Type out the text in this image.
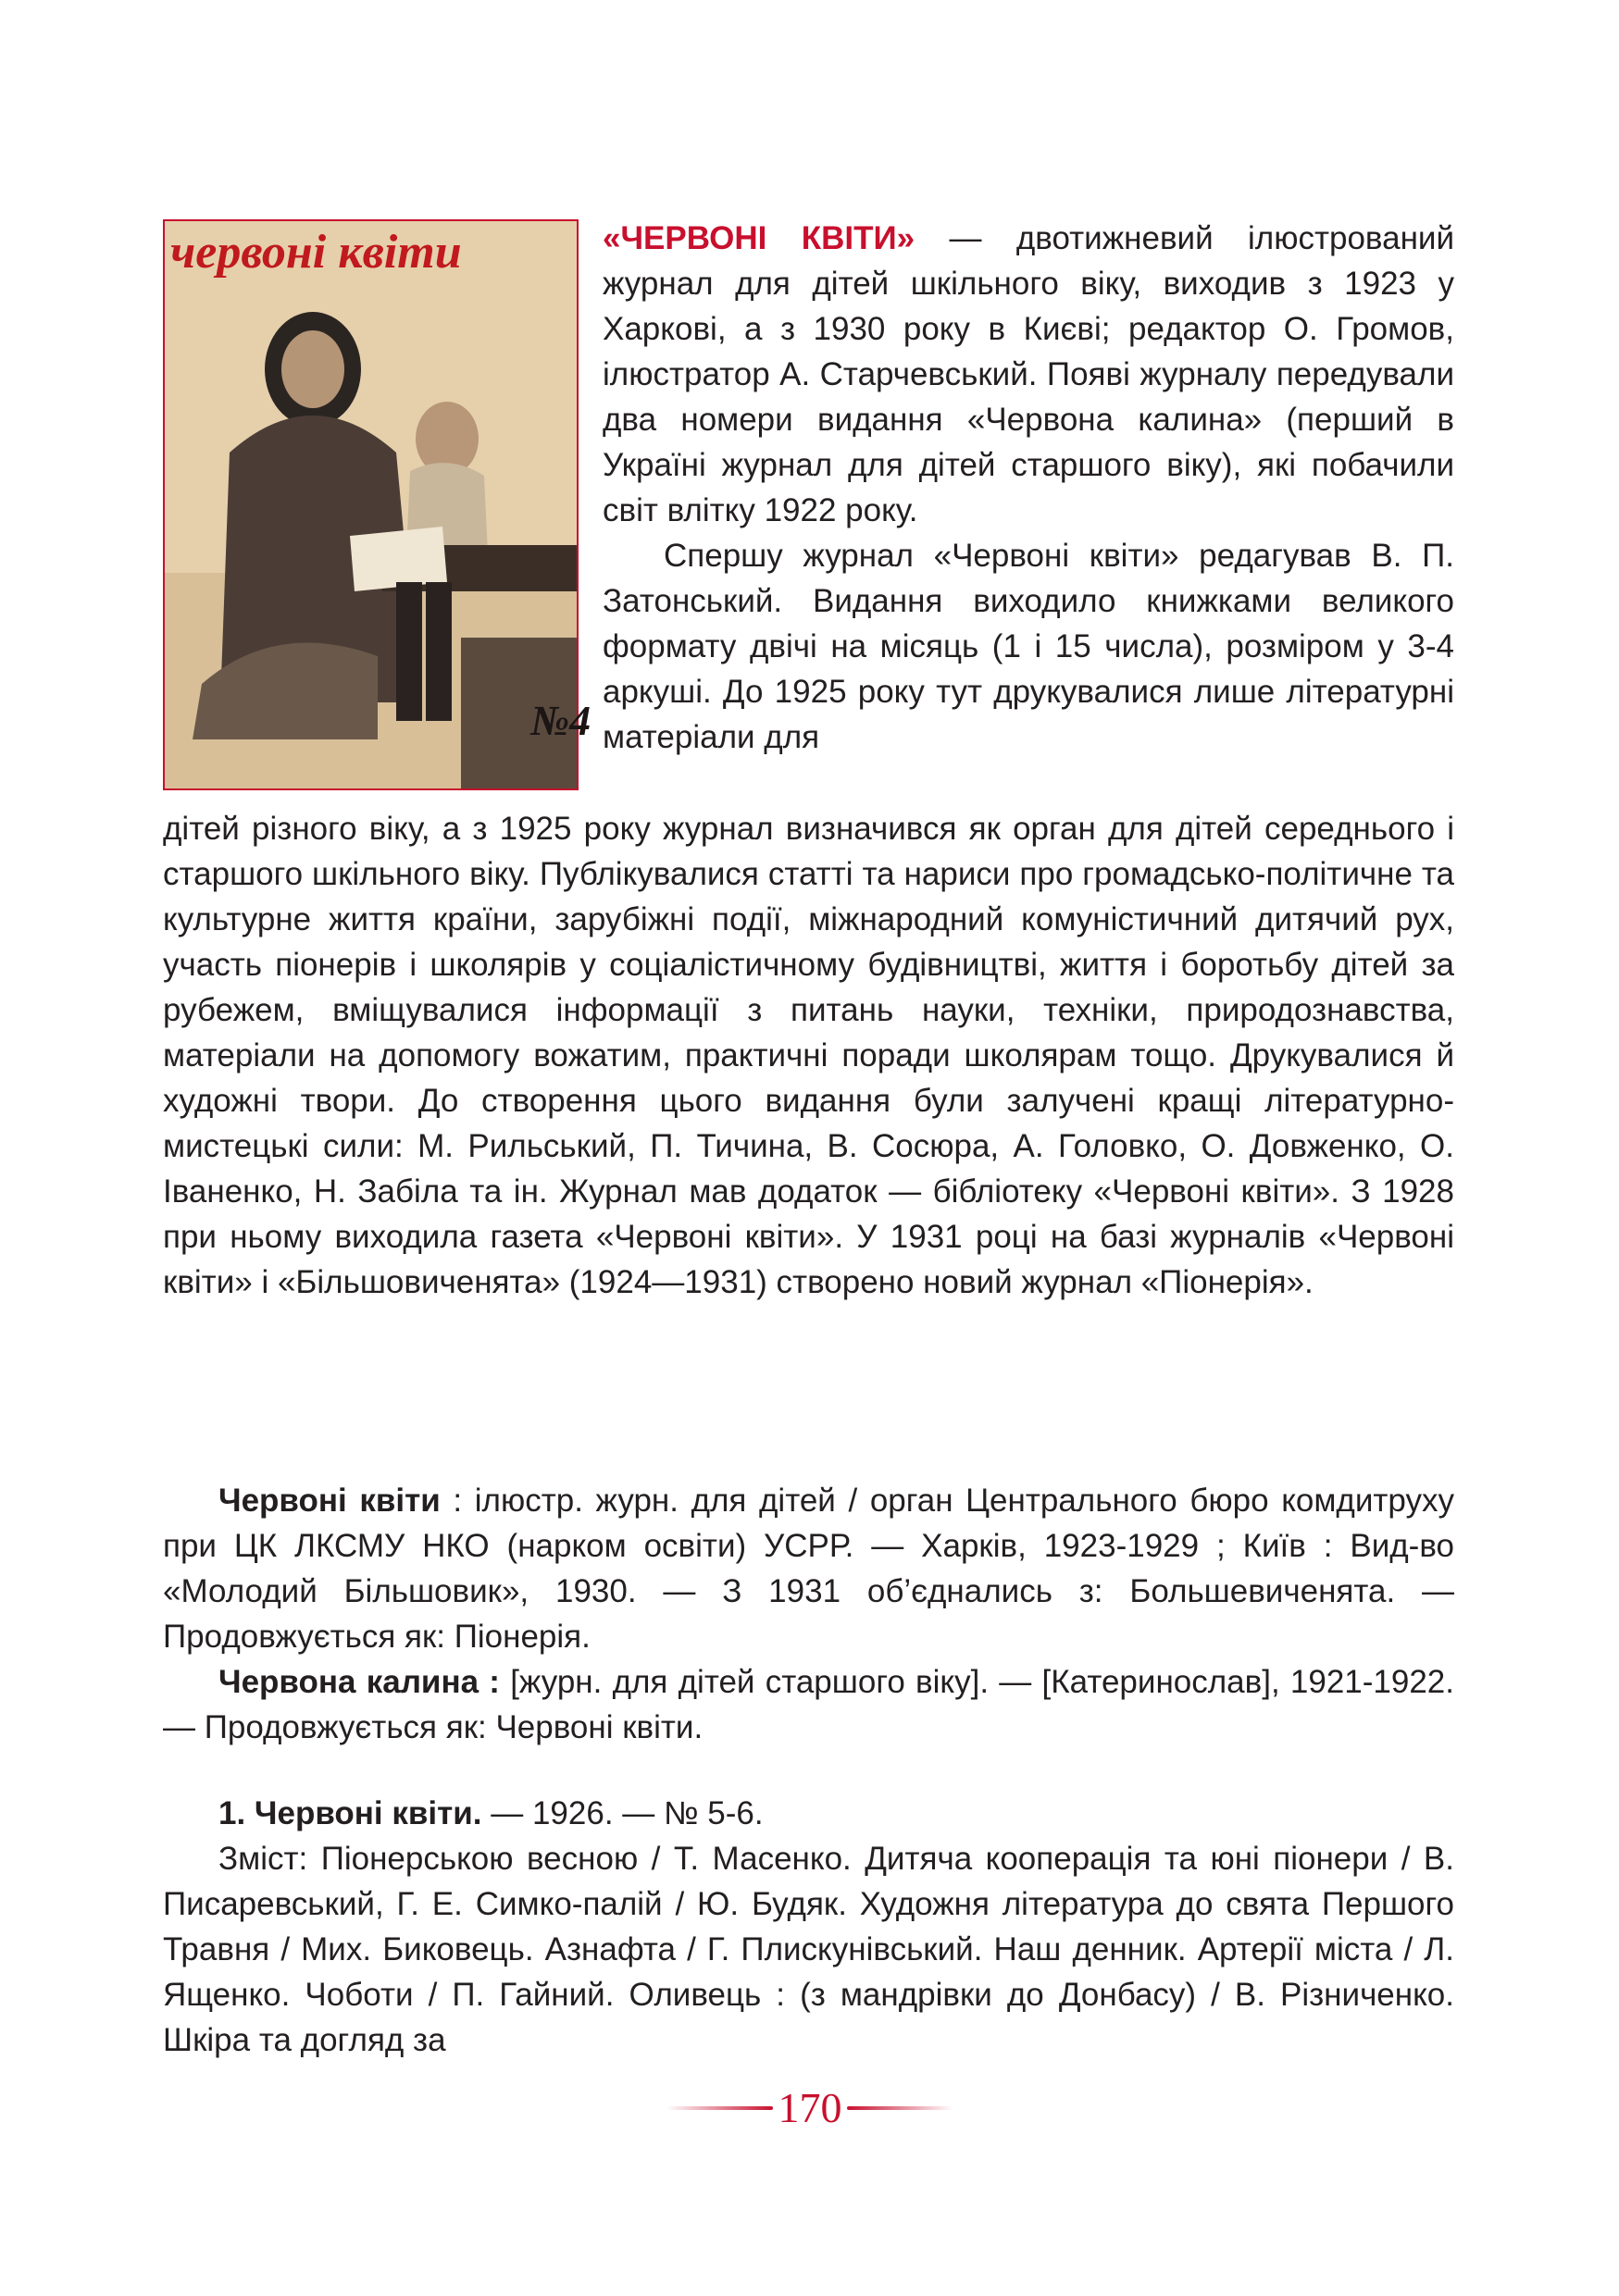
червоні квіти
№4

«ЧЕРВОНІ КВІТИ» — двотижневий ілюстрований журнал для дітей шкільного віку, виходив з 1923 у Харкові, а з 1930 року в Києві; редактор О. Громов, ілюстратор А. Старчевський. Появі журналу передували два номери видання «Червона калина» (перший в Україні журнал для дітей старшого віку), які побачили світ влітку 1922 року.
Спершу журнал «Червоні квіти» редагував В. П. Затонський. Видання виходило книжками великого формату двічі на місяць (1 і 15 числа), розміром у 3-4 аркуші. До 1925 року тут друкувалися лише літературні матеріали для

дітей різного віку, а з 1925 року журнал визначився як орган для дітей середнього і старшого шкільного віку. Публікувалися статті та нариси про громадсько-політичне та культурне життя країни, зарубіжні події, міжнародний комуністичний дитячий рух, участь піонерів і школярів у соціалістичному будівництві, життя і боротьбу дітей за рубежем, вміщувалися інформації з питань науки, техніки, природознавства, матеріали на допомогу вожатим, практичні поради школярам тощо. Друкувалися й художні твори. До створення цього видання були залучені кращі літературно-мистецькі сили: М. Рильський, П. Тичина, В. Сосюра, А. Головко, О. Довженко, О. Іваненко, Н. Забіла та ін. Журнал мав додаток — бібліотеку «Червоні квіти». З 1928 при ньому виходила газета «Червоні квіти». У 1931 році на базі журналів «Червоні квіти» і «Більшовиченята» (1924—1931) створено новий журнал «Піонерія».

Червоні квіти : ілюстр. журн. для дітей / орган Центрального бюро комдитруху при ЦК ЛКСМУ НКО (нарком освіти) УСРР. — Харків, 1923-1929 ; Київ : Вид-во «Молодий Більшовик», 1930. — З 1931 об’єднались з: Большевиченята. — Продовжується як: Піонерія.

Червона калина : [журн. для дітей старшого віку]. — [Катеринослав], 1921-1922. — Продовжується як: Червоні квіти.

1. Червоні квіти. — 1926. — № 5-6.

Зміст: Піонерською весною / Т. Масенко. Дитяча кооперація та юні піонери / В. Писаревський, Г. Е. Симко-палій / Ю. Будяк. Художня література до свята Першого Травня / Мих. Биковець. Азнафта / Г. Плискунівський. Наш денник. Артерії міста / Л. Ященко. Чоботи / П. Гайний. Оливець : (з мандрівки до Донбасу) / В. Різниченко. Шкіра та догляд за

170
